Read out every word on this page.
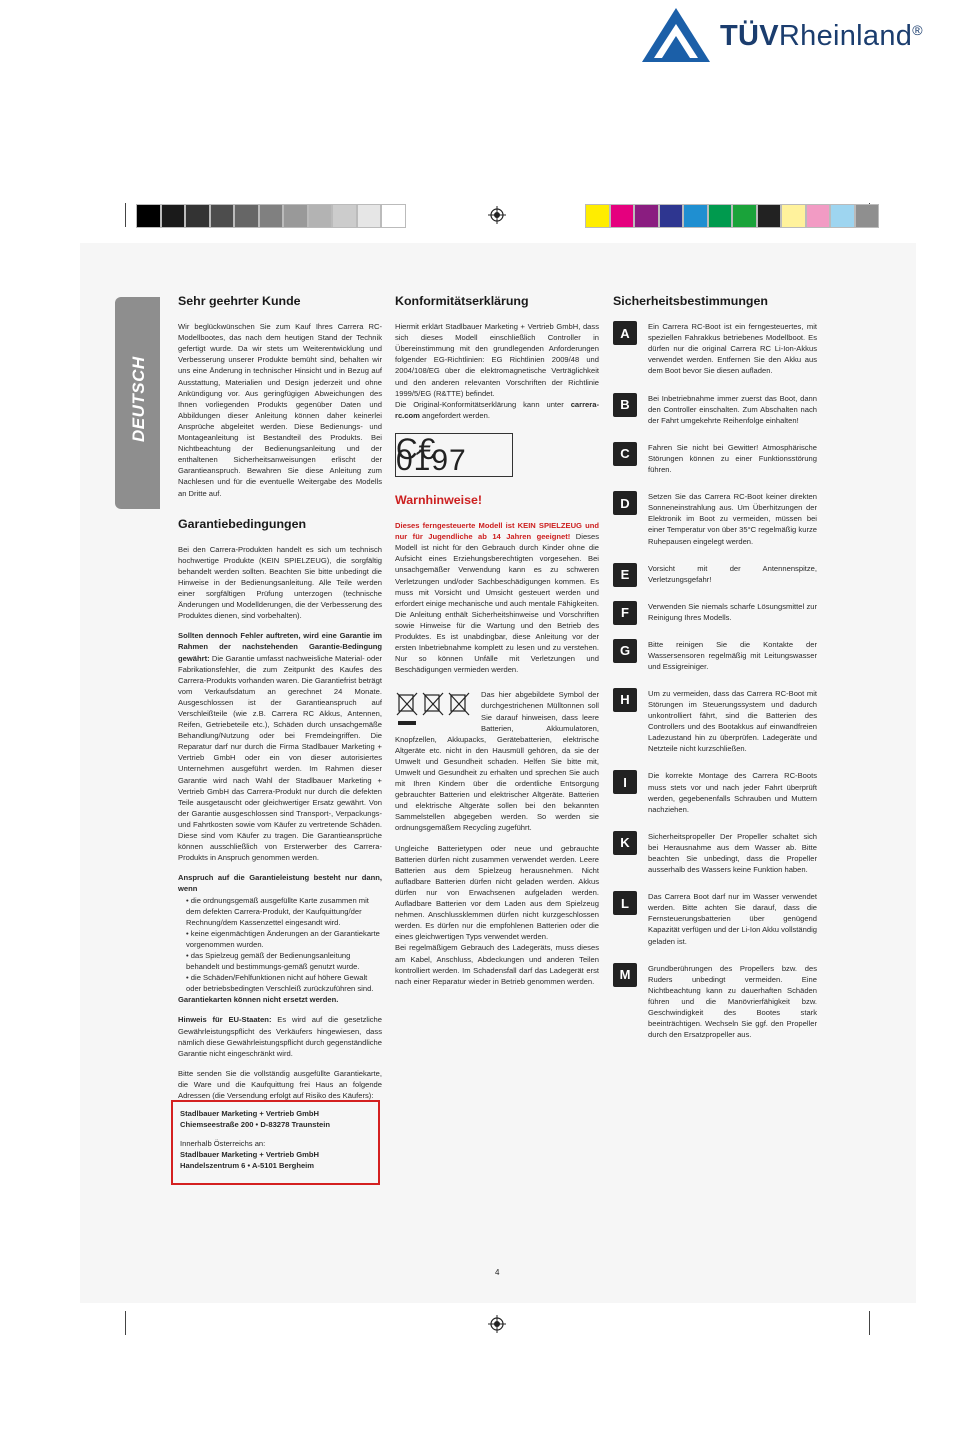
TÜVRheinland®
DEUTSCH
Sehr geehrter Kunde

Wir beglückwünschen Sie zum Kauf Ihres Carrera RC-Modellbootes, das nach dem heutigen Stand der Technik gefertigt wurde. Da wir stets um Weiterentwicklung und Verbesserung unserer Produkte bemüht sind, behalten wir uns eine Änderung in technischer Hinsicht und in Bezug auf Ausstattung, Materialien und Design jederzeit und ohne Ankündigung vor. Aus geringfügigen Abweichungen des Ihnen vorliegenden Produkts gegenüber Daten und Abbildungen dieser Anleitung können daher keinerlei Ansprüche abgeleitet werden. Diese Bedienungs- und Montageanleitung ist Bestandteil des Produkts. Bei Nichtbeachtung der Bedienungsanleitung und der enthaltenen Sicherheitsanweisungen erlischt der Garantieanspruch. Bewahren Sie diese Anleitung zum Nachlesen und für die eventuelle Weitergabe des Modells an Dritte auf.

Garantiebedingungen

Bei den Carrera-Produkten handelt es sich um technisch hochwertige Produkte (KEIN SPIELZEUG), die sorgfältig behandelt werden sollten. Beachten Sie bitte unbedingt die Hinweise in der Bedienungsanleitung. Alle Teile werden einer sorgfältigen Prüfung unterzogen (technische Änderungen und Modellderungen, die der Verbesserung des Produktes dienen, sind vorbehalten).

Sollten dennoch Fehler auftreten, wird eine Garantie im Rahmen der nachstehenden Garantie-Bedingung gewährt: Die Garantie umfasst nachweisliche Material- oder Fabrikationsfehler, die zum Zeitpunkt des Kaufes des Carrera-Produkts vorhanden waren. Die Garantiefrist beträgt vom Verkaufsdatum an gerechnet 24 Monate. Ausgeschlossen ist der Garantieanspruch auf Verschleißteile (wie z.B. Carrera RC Akkus, Antennen, Reifen, Getriebeteile etc.), Schäden durch unsachgemäße Behandlung/Nutzung oder bei Fremdeingriffen. Die Reparatur darf nur durch die Firma Stadlbauer Marketing + Vertrieb GmbH oder ein von dieser autorisiertes Unternehmen ausgeführt werden. Im Rahmen dieser Garantie wird nach Wahl der Stadlbauer Marketing + Vertrieb GmbH das Carrera-Produkt nur durch die defekten Teile ausgetauscht oder gleichwertiger Ersatz gewährt. Von der Garantie ausgeschlossen sind Transport-, Verpackungs- und Fahrtkosten sowie vom Käufer zu vertretende Schäden. Diese sind vom Käufer zu tragen. Die Garantieansprüche können ausschließlich von Ersterwerber des Carrera-Produkts in Anspruch genommen werden.

Anspruch auf die Garantieleistung besteht nur dann, wenn

• die ordnungsgemäß ausgefüllte Karte zusammen mit dem defekten Carrera-Produkt, der Kaufquittung/der Rechnung/dem Kassenzettel eingesandt wird.
• keine eigenmächtigen Änderungen an der Garantiekarte vorgenommen wurden.
• das Spielzeug gemäß der Bedienungsanleitung behandelt und bestimmungs-gemäß genutzt wurde.
• die Schäden/Fehlfunktionen nicht auf höhere Gewalt oder betriebsbedingten Verschleiß zurückzuführen sind.

Garantiekarten können nicht ersetzt werden.

Hinweis für EU-Staaten: Es wird auf die gesetzliche Gewährleistungspflicht des Verkäufers hingewiesen, dass nämlich diese Gewährleistungspflicht durch gegenständliche Garantie nicht eingeschränkt wird.

Bitte senden Sie die vollständig ausgefüllte Garantiekarte, die Ware und die Kaufquittung frei Haus an folgende Adressen (die Versendung erfolgt auf Risiko des Käufers):

Stadlbauer Marketing + Vertrieb GmbH
Chiemseestraße 200 • D-83278 Traunstein
Innerhalb Österreichs an:
Stadlbauer Marketing + Vertrieb GmbH
Handelszentrum 6 • A-5101 Bergheim
Konformitätserklärung

Hiermit erklärt Stadlbauer Marketing + Vertrieb GmbH, dass sich dieses Modell einschließlich Controller in Übereinstimmung mit den grundlegenden Anforderungen folgender EG-Richtlinien: EG Richtlinien 2009/48 und 2004/108/EG über die elektromagnetische Verträglichkeit und den anderen relevanten Vorschriften der Richtlinie 1999/5/EG (R&TTE) befindet.

Die Original-Konformitätserklärung kann unter carrera-rc.com angefordert werden.

C€ 0197
Warnhinweise!

Dieses ferngesteuerte Modell ist KEIN SPIELZEUG und nur für Jugendliche ab 14 Jahren geeignet! Dieses Modell ist nicht für den Gebrauch durch Kinder ohne die Aufsicht eines Erziehungsberechtigten vorgesehen. Bei unsachgemäßer Verwendung kann es zu schweren Verletzungen und/oder Sachbeschädigungen kommen. Es muss mit Vorsicht und Umsicht gesteuert werden und erfordert einige mechanische und auch mentale Fähigkeiten. Die Anleitung enthält Sicherheitshinweise und Vorschriften sowie Hinweise für die Wartung und den Betrieb des Produktes. Es ist unabdingbar, diese Anleitung vor der ersten Inbetriebnahme komplett zu lesen und zu verstehen. Nur so können Unfälle mit Verletzungen und Beschädigungen vermieden werden.

Das hier abgebildete Symbol der durchgestrichenen Mülltonnen soll Sie darauf hinweisen, dass leere Batterien, Akkumulatoren, Knopfzellen, Akkupacks, Gerätebatterien, elektrische Altgeräte etc. nicht in den Hausmüll gehören, da sie der Umwelt und Gesundheit schaden. Helfen Sie bitte mit, Umwelt und Gesundheit zu erhalten und sprechen Sie auch mit Ihren Kindern über die ordentliche Entsorgung gebrauchter Batterien und elektrischer Altgeräte. Batterien und elektrische Altgeräte sollen bei den bekannten Sammelstellen abgegeben werden. So werden sie ordnungsgemäßem Recycling zugeführt.

Ungleiche Batterietypen oder neue und gebrauchte Batterien dürfen nicht zusammen verwendet werden. Leere Batterien aus dem Spielzeug herausnehmen. Nicht aufladbare Batterien dürfen nicht geladen werden. Akkus dürfen nur von Erwachsenen aufgeladen werden. Aufladbare Batterien vor dem Laden aus dem Spielzeug nehmen. Anschlussklemmen dürfen nicht kurzgeschlossen werden. Es dürfen nur die empfohlenen Batterien oder die eines gleichwertigen Typs verwendet werden.

Bei regelmäßigem Gebrauch des Ladegeräts, muss dieses am Kabel, Anschluss, Abdeckungen und anderen Teilen kontrolliert werden. Im Schadensfall darf das Ladegerät erst nach einer Reparatur wieder in Betrieb genommen werden.

Sicherheitsbestimmungen
A	Ein Carrera RC-Boot ist ein ferngesteuertes, mit speziellen Fahrakkus betriebenes Modellboot. Es dürfen nur die original Carrera RC Li-Ion-Akkus verwendet werden. Entfernen Sie den Akku aus dem Boot bevor Sie diesen aufladen.
B	Bei Inbetriebnahme immer zuerst das Boot, dann den Controller einschalten. Zum Abschalten nach der Fahrt umgekehrte Reihenfolge einhalten!
C	Fahren Sie nicht bei Gewitter! Atmosphärische Störungen können zu einer Funktionsstörung führen.
D	Setzen Sie das Carrera RC-Boot keiner direkten Sonneneinstrahlung aus. Um Überhitzungen der Elektronik im Boot zu vermeiden, müssen bei einer Temperatur von über 35°C regelmäßig kurze Ruhepausen eingelegt werden.
E	Vorsicht mit der Antennenspitze, Verletzungsgefahr!
F	Verwenden Sie niemals scharfe Lösungsmittel zur Reinigung Ihres Modells.
G	Bitte reinigen Sie die Kontakte der Wassersensoren regelmäßig mit Leitungswasser und Essigreiniger.
H	Um zu vermeiden, dass das Carrera RC-Boot mit Störungen im Steuerungssystem und dadurch unkontrolliert fährt, sind die Batterien des Controllers und des Bootakkus auf einwandfreien Ladezustand hin zu überprüfen. Ladegeräte und Netzteile nicht kurzschließen.
I	Die korrekte Montage des Carrera RC-Boots muss stets vor und nach jeder Fahrt überprüft werden, gegebenenfalls Schrauben und Muttern nachziehen.
K	Sicherheitspropeller Der Propeller schaltet sich bei Herausnahme aus dem Wasser ab. Bitte beachten Sie unbedingt, dass die Propeller ausserhalb des Wassers keine Funktion haben.
L	Das Carrera Boot darf nur im Wasser verwendet werden. Bitte achten Sie darauf, dass die Fernsteuerungsbatterien über genügend Kapazität verfügen und der Li-Ion Akku vollständig geladen ist.
M	Grundberührungen des Propellers bzw. des Ruders unbedingt vermeiden. Eine Nichtbeachtung kann zu dauerhaften Schäden führen und die Manövrierfähigkeit bzw. Geschwindigkeit des Bootes stark beeinträchtigen. Wechseln Sie ggf. den Propeller durch den Ersatzpropeller aus.
4
